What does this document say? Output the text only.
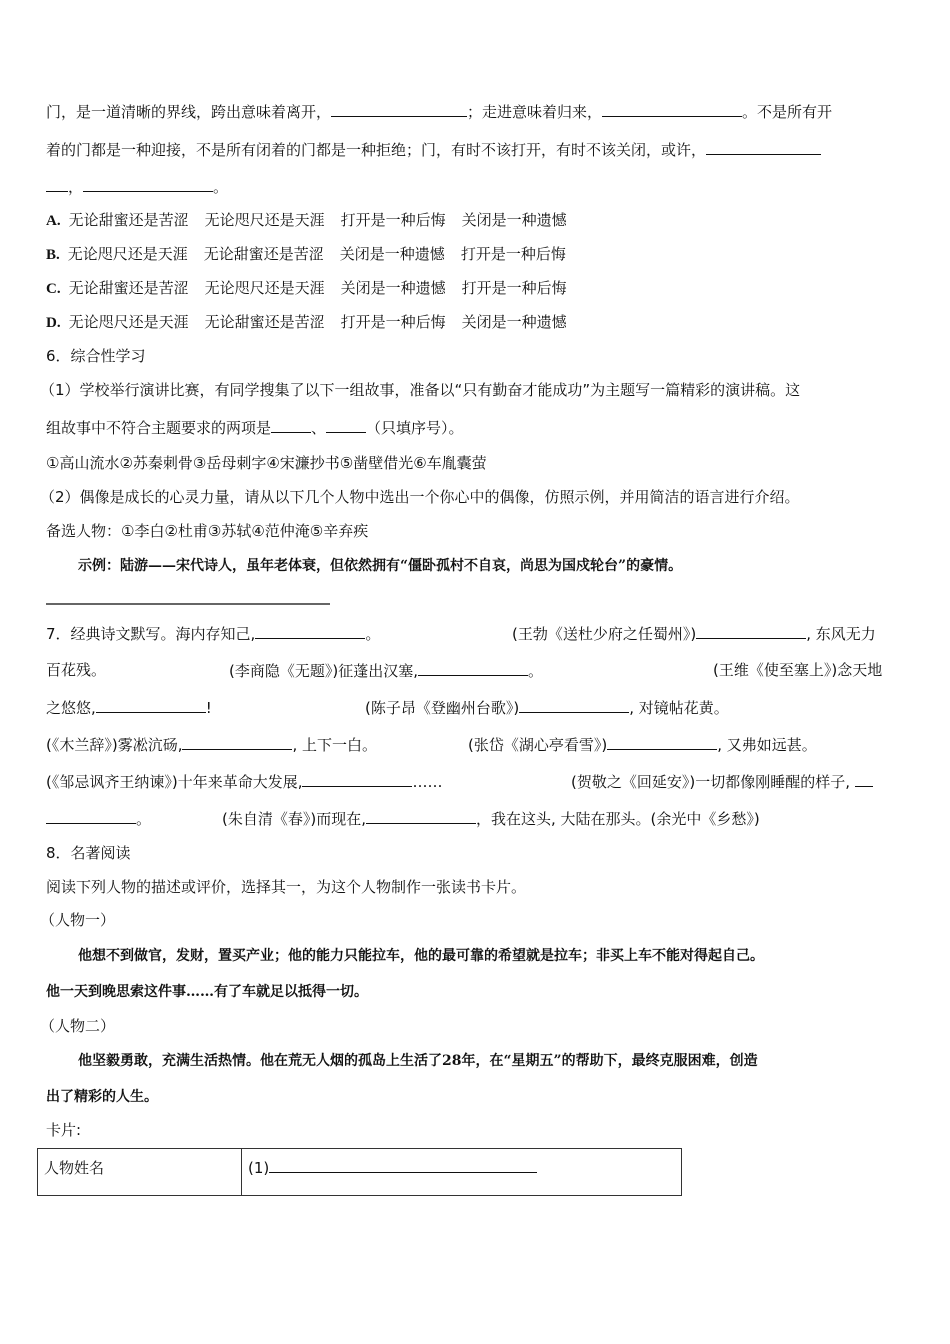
门，是一道清晰的界线，跨出意味着离开，	；走进意味着归来，	。不是所有开
着的门都是一种迎接，不是所有闭着的门都是一种拒绝；门，有时不该打开，有时不该关闭，或许，
，	。
A. 无论甜蜜还是苦涩 无论咫尺还是天涯 打开是一种后悔 关闭是一种遗憾
B. 无论咫尺还是天涯 无论甜蜜还是苦涩 关闭是一种遗憾 打开是一种后悔
C. 无论甜蜜还是苦涩 无论咫尺还是天涯 关闭是一种遗憾 打开是一种后悔
D. 无论咫尺还是天涯 无论甜蜜还是苦涩 打开是一种后悔 关闭是一种遗憾
6．综合性学习
（1）学校举行演讲比赛，有同学搜集了以下一组故事，准备以“只有勤奋才能成功”为主题写一篇精彩的演讲稿。这
组故事中不符合主题要求的两项是	、	（只填序号）。
①高山流水②苏秦刺骨③岳母刺字④宋濂抄书⑤凿壁借光⑥车胤囊萤
（2）偶像是成长的心灵力量，请从以下几个人物中选出一个你心中的偶像，仿照示例，并用简洁的语言进行介绍。
备选人物：①李白②杜甫③苏轼④范仲淹⑤辛弃疾
示例：陆游——宋代诗人，虽年老体衰，但依然拥有“僵卧孤村不自哀，尚思为国戍轮台”的豪情。
7．经典诗文默写。海内存知己,	。	(王勃《送杜少府之任蜀州》)	, 东风无力
百花残。	(李商隐《无题》)征蓬出汉塞,	。	(王维《使至塞上》)念天地
之悠悠,	!	(陈子昂《登幽州台歌》)	, 对镜帖花黄。
(《木兰辞》)雾凇沆砀,	, 上下一白。	(张岱《湖心亭看雪》)	, 又弗如远甚。
(《邹忌讽齐王纳谏》)十年来革命大发展,	……	(贺敬之《回延安》)一切都像刚睡醒的样子,
。	(朱自清《春》)而现在,	，我在这头, 大陆在那头。(余光中《乡愁》)
8．名著阅读
阅读下列人物的描述或评价，选择其一，为这个人物制作一张读书卡片。
（人物一）
他想不到做官，发财，置买产业；他的能力只能拉车，他的最可靠的希望就是拉车；非买上车不能对得起自己。
他一天到晚思索这件事……有了车就足以抵得一切。
（人物二）
他坚毅勇敢，充满生活热情。他在荒无人烟的孤岛上生活了28年，在“星期五”的帮助下，最终克服困难，创造
出了精彩的人生。
卡片:
人物姓名	(1)
